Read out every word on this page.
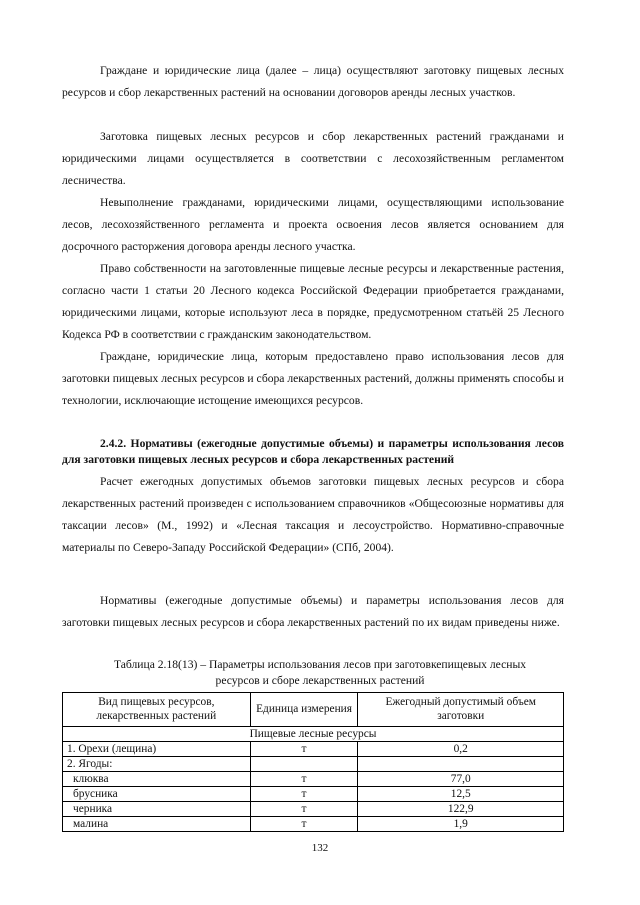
Граждане и юридические лица (далее – лица) осуществляют заготовку пищевых лесных ресурсов и сбор лекарственных растений на основании договоров аренды лесных участков.

Заготовка пищевых лесных ресурсов и сбор лекарственных растений гражданами и юридическими лицами осуществляется в соответствии с лесохозяйственным регламентом лесничества.

Невыполнение гражданами, юридическими лицами, осуществляющими использование лесов, лесохозяйственного регламента и проекта освоения лесов является основанием для досрочного расторжения договора аренды лесного участка.

Право собственности на заготовленные пищевые лесные ресурсы и лекарственные растения, согласно части 1 статьи 20 Лесного кодекса Российской Федерации приобретается гражданами, юридическими лицами, которые используют леса в порядке, предусмотренном статьёй 25 Лесного Кодекса РФ в соответствии с гражданским законодательством.

Граждане, юридические лица, которым предоставлено право использования лесов для заготовки пищевых лесных ресурсов и сбора лекарственных растений, должны применять способы и технологии, исключающие истощение имеющихся ресурсов.

2.4.2. Нормативы (ежегодные допустимые объемы) и параметры использования лесов для заготовки пищевых лесных ресурсов и сбора лекарственных растений

Расчет ежегодных допустимых объемов заготовки пищевых лесных ресурсов и сбора лекарственных растений произведен с использованием справочников «Общесоюзные нормативы для таксации лесов» (М., 1992) и «Лесная таксация и лесоустройство. Нормативно-справочные материалы по Северо-Западу Российской Федерации» (СПб, 2004).

Нормативы (ежегодные допустимые объемы) и параметры использования лесов для заготовки пищевых лесных ресурсов и сбора лекарственных растений по их видам приведены ниже.

Таблица 2.18(13) – Параметры использования лесов при заготовкепищевых лесных
ресурсов и сборе лекарственных растений
Вид пищевых ресурсов, лекарственных растений	Единица измерения	Ежегодный допустимый объем заготовки
Пищевые лесные ресурсы		
1. Орехи (лещина)	т	0,2
2. Ягоды:		
клюква	т	77,0
брусника	т	12,5
черника	т	122,9
малина	т	1,9
132
